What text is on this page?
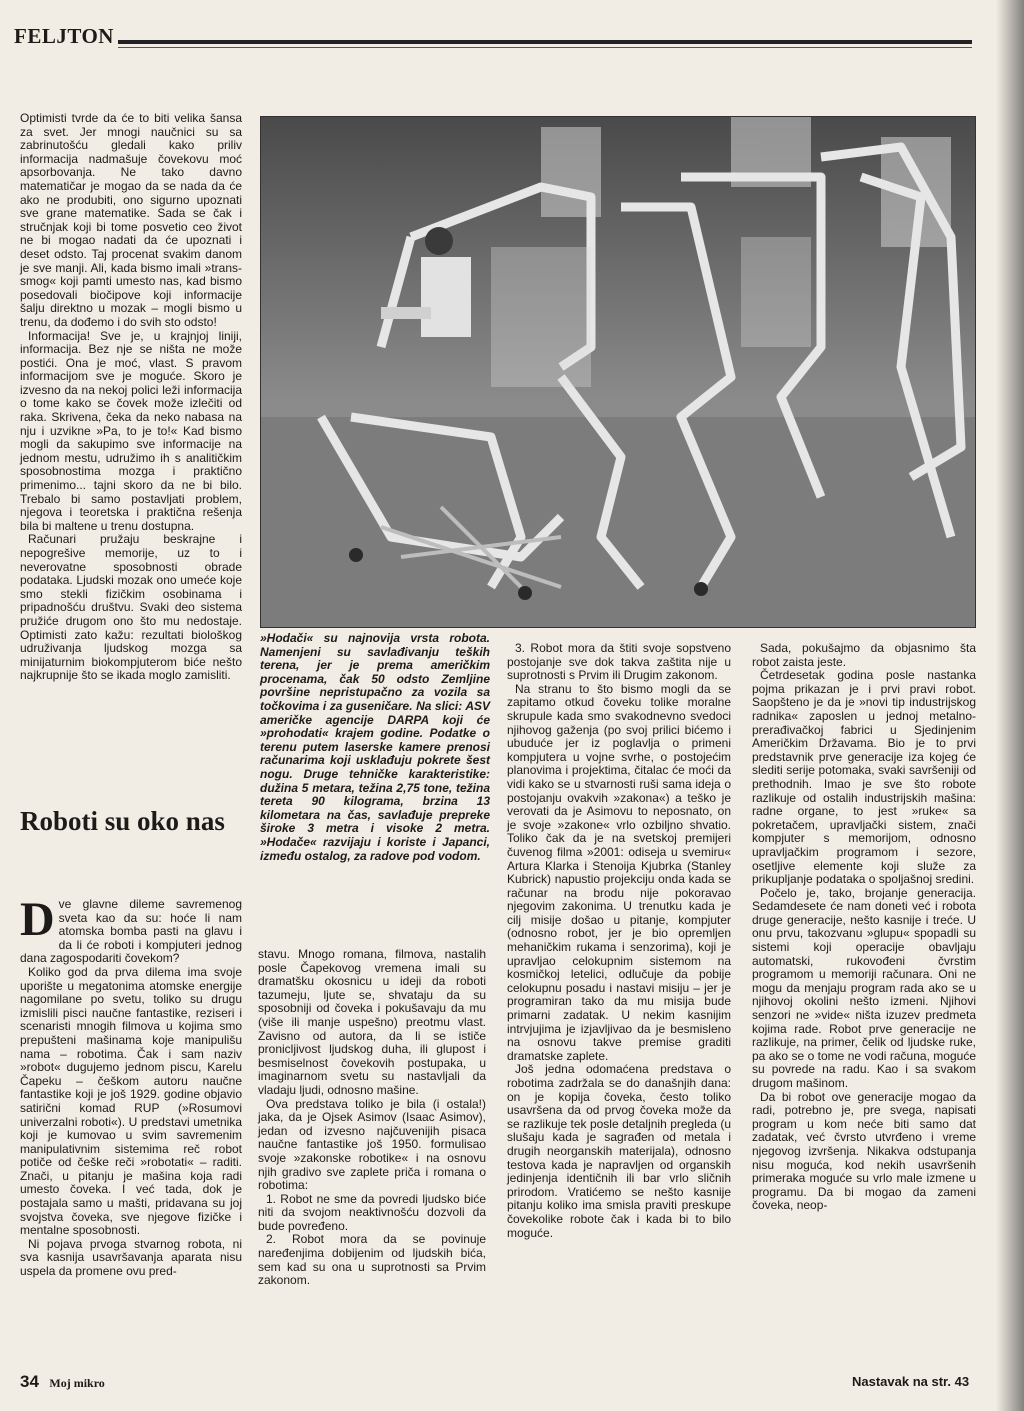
FELJTON

Optimisti tvrde da će to biti velika šansa za svet. Jer mnogi naučnici su sa zabrinutošću gledali kako priliv informacija nadmašuje čovekovu moć apsorbovanja. Ne tako davno matematičar je mogao da se nada da će ako ne produbiti, ono sigurno upoznati sve grane matematike. Sada se čak i stručnjak koji bi tome posvetio ceo život ne bi mogao nadati da će upoznati i deset odsto. Taj procenat svakim danom je sve manji. Ali, kada bismo imali »trans-smog« koji pamti umesto nas, kad bismo posedovali biočipove koji informacije šalju direktno u mozak – mogli bismo u trenu, da dođemo i do svih sto odsto!

Informacija! Sve je, u krajnjoj liniji, informacija. Bez nje se ništa ne može postići. Ona je moć, vlast. S pravom informacijom sve je moguće. Skoro je izvesno da na nekoj polici leži informacija o tome kako se čovek može izlečiti od raka. Skrivena, čeka da neko nabasa na nju i uzvikne »Pa, to je to!« Kad bismo mogli da sakupimo sve informacije na jednom mestu, udružimo ih s analitičkim sposobnostima mozga i praktično primenimo... tajni skoro da ne bi bilo. Trebalo bi samo postavljati problem, njegova i teoretska i praktična rešenja bila bi maltene u trenu dostupna.

Računari pružaju beskrajne i nepogrešive memorije, uz to i neverovatne sposobnosti obrade podataka. Ljudski mozak ono umeće koje smo stekli fizičkim osobinama i pripadnošću društvu. Svaki deo sistema pružiće drugom ono što mu nedostaje. Optimisti zato kažu: rezultati biološkog udruživanja ljudskog mozga sa minijaturnim biokompjuterom biće nešto najkrupnije što se ikada moglo zamisliti.

»Hodači« su najnovija vrsta robota. Namenjeni su savlađivanju teških terena, jer je prema američkim procenama, čak 50 odsto Zemljine površine nepristupačno za vozila sa točkovima i za guseničare. Na slici: ASV američke agencije DARPA koji će »prohodati« krajem godine. Podatke o terenu putem laserske kamere prenosi računarima koji usklađuju pokrete šest nogu. Druge tehničke karakteristike: dužina 5 metara, težina 2,75 tone, težina tereta 90 kilograma, brzina 13 kilometara na čas, savlađuje prepreke široke 3 metra i visoke 2 metra. »Hodače« razvijaju i koriste i Japanci, između ostalog, za radove pod vodom.
Roboti su oko nas

Dve glavne dileme savremenog sveta kao da su: hoće li nam atomska bomba pasti na glavu i da li će roboti i kompjuteri jednog dana zagospodariti čovekom?

Koliko god da prva dilema ima svoje uporište u megatonima atomske energije nagomilane po svetu, toliko su drugu izmislili pisci naučne fantastike, reziseri i scenaristi mnogih filmova u kojima smo prepušteni mašinama koje manipulišu nama – robotima. Čak i sam naziv »robot« dugujemo jednom piscu, Karelu Čapeku – češkom autoru naučne fantastike koji je još 1929. godine objavio satirični komad RUP (»Rosumovi univerzalni roboti«). U predstavi umetnika koji je kumovao u svim savremenim manipulativnim sistemima reč robot potiče od češke reči »robotati« – raditi. Znači, u pitanju je mašina koja radi umesto čoveka. I već tada, dok je postajala samo u mašti, pridavana su joj svojstva čoveka, sve njegove fizičke i mentalne sposobnosti.

Ni pojava prvoga stvarnog robota, ni sva kasnija usavršavanja aparata nisu uspela da promene ovu pred-

stavu. Mnogo romana, filmova, nastalih posle Čapekovog vremena imali su dramatšku okosnicu u ideji da roboti tazumeju, ljute se, shvataju da su sposobniji od čoveka i pokušavaju da mu (više ili manje uspešno) preotmu vlast. Zavisno od autora, da li se ističe pronicljivost ljudskog duha, ili glupost i besmiselnost čovekovih postupaka, u imaginarnom svetu su nastavljali da vladaju ljudi, odnosno mašine.

Ova predstava toliko je bila (i ostala!) jaka, da je Ojsek Asimov (Isaac Asimov), jedan od izvesno najčuvenijih pisaca naučne fantastike još 1950. formulisao svoje »zakonske robotike« i na osnovu njih gradivo sve zaplete priča i romana o robotima:

1. Robot ne sme da povredi ljudsko biće niti da svojom neaktivnošću dozvoli da bude povređeno.

2. Robot mora da se povinuje naređenjima dobijenim od ljudskih bića, sem kad su ona u suprotnosti sa Prvim zakonom.

3. Robot mora da štiti svoje sopstveno postojanje sve dok takva zaštita nije u suprotnosti s Prvim ili Drugim zakonom.

Na stranu to što bismo mogli da se zapitamo otkud čoveku tolike moralne skrupule kada smo svakodnevno svedoci njihovog gaženja (po svoj prilici bićemo i ubuduće jer iz poglavlja o primeni kompjutera u vojne svrhe, o postojećim planovima i projektima, čitalac će moći da vidi kako se u stvarnosti ruši sama ideja o postojanju ovakvih »zakona«) a teško je verovati da je Asimovu to neposnato, on je svoje »zakone« vrlo ozbiljno shvatio. Toliko čak da je na svetskoj premijeri čuvenog filma »2001: odiseja u svemiru« Artura Klarka i Stenoija Kjubrka (Stanley Kubrick) napustio projekciju onda kada se računar na brodu nije pokoravao njegovim zakonima. U trenutku kada je cilj misije došao u pitanje, kompjuter (odnosno robot, jer je bio opremljen mehaničkim rukama i senzorima), koji je upravljao celokupnim sistemom na kosmičkoj letelici, odlučuje da pobije celokupnu posadu i nastavi misiju – jer je programiran tako da mu misija bude primarni zadatak. U nekim kasnijim intrvjujima je izjavljivao da je besmisleno na osnovu takve premise graditi dramatske zaplete.

Još jedna odomaćena predstava o robotima zadržala se do današnjih dana: on je kopija čoveka, često toliko usavršena da od prvog čoveka može da se razlikuje tek posle detaljnih pregleda (u slušaju kada je sagrađen od metala i drugih neorganskih materijala), odnosno testova kada je napravljen od organskih jedinjenja identičnih ili bar vrlo sličnih prirodom. Vratićemo se nešto kasnije pitanju koliko ima smisla praviti preskupe čovekolike robote čak i kada bi to bilo moguće.

Sada, pokušajmo da objasnimo šta robot zaista jeste.

Četrdesetak godina posle nastanka pojma prikazan je i prvi pravi robot. Saopšteno je da je »novi tip industrijskog radnika« zaposlen u jednoj metalno-prerađivačkoj fabrici u Sjedinjenim Američkim Državama. Bio je to prvi predstavnik prve generacije iza kojeg će slediti serije potomaka, svaki savršeniji od prethodnih. Imao je sve što robote razlikuje od ostalih industrijskih mašina: radne organe, to jest »ruke« sa pokretačem, upravljački sistem, znači kompjuter s memorijom, odnosno upravljačkim programom i sezore, osetljive elemente koji služe za prikupljanje podataka o spoljašnoj sredini.

Počelo je, tako, brojanje generacija. Sedamdesete će nam doneti već i robota druge generacije, nešto kasnije i treće. U onu prvu, takozvanu »glupu« spopadli su sistemi koji operacije obavljaju automatski, rukovođeni čvrstim programom u memoriji računara. Oni ne mogu da menjaju program rada ako se u njihovoj okolini nešto izmeni. Njihovi senzori ne »vide« ništa izuzev predmeta kojima rade. Robot prve generacije ne razlikuje, na primer, čelik od ljudske ruke, pa ako se o tome ne vodi računa, moguće su povrede na radu. Kao i sa svakom drugom mašinom.

Da bi robot ove generacije mogao da radi, potrebno je, pre svega, napisati program u kom neće biti samo dat zadatak, već čvrsto utvrđeno i vreme njegovog izvršenja. Nikakva odstupanja nisu moguća, kod nekih usavršenih primeraka moguće su vrlo male izmene u programu. Da bi mogao da zameni čoveka, neop-

34 Moj mikro	Nastavak na str. 43
